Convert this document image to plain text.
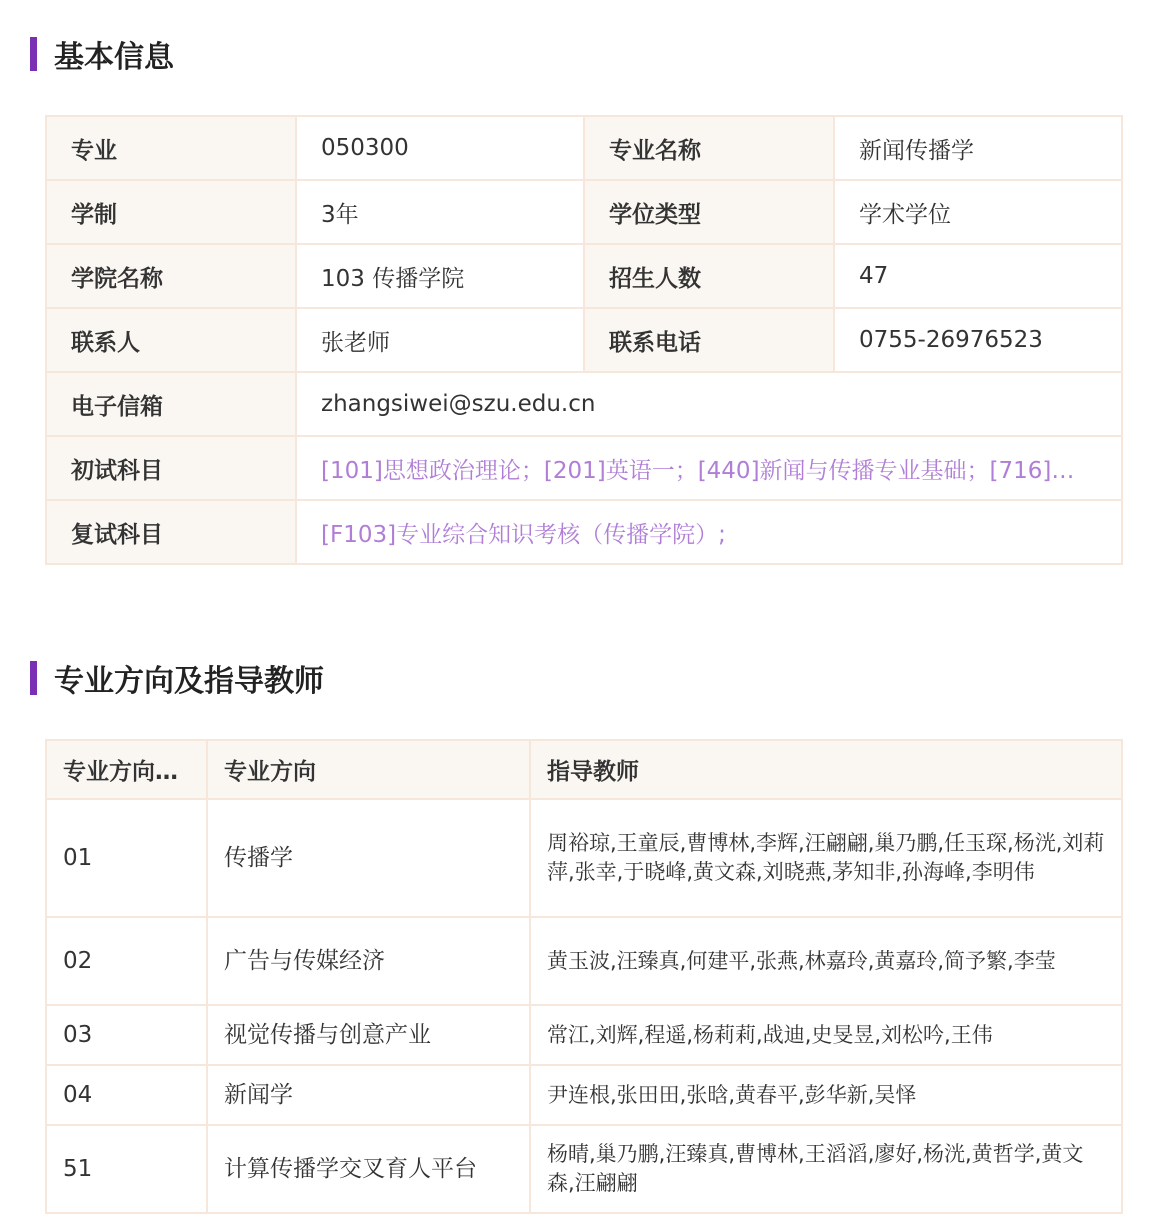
基本信息
专业	050300	专业名称	新闻传播学
学制	3年	学位类型	学术学位
学院名称	103 传播学院	招生人数	47
联系人	张老师	联系电话	0755-26976523
电子信箱	zhangsiwei@szu.edu.cn		
初试科目	[101]思想政治理论；[201]英语一；[440]新闻与传播专业基础；[716]…		
复试科目	[F103]专业综合知识考核（传播学院）;		
专业方向及指导教师
专业方向…	专业方向	指导教师
01	传播学	周裕琼,王童辰,曹博林,李辉,汪翩翩,巢乃鹏,任玉琛,杨洸,刘莉萍,张幸,于晓峰,黄文森,刘晓燕,茅知非,孙海峰,李明伟
02	广告与传媒经济	黄玉波,汪臻真,何建平,张燕,林嘉玲,黄嘉玲,简予繁,李莹
03	视觉传播与创意产业	常江,刘辉,程遥,杨莉莉,战迪,史旻昱,刘松吟,王伟
04	新闻学	尹连根,张田田,张晗,黄春平,彭华新,吴怿
51	计算传播学交叉育人平台	杨晴,巢乃鹏,汪臻真,曹博林,王滔滔,廖好,杨洸,黄哲学,黄文森,汪翩翩
